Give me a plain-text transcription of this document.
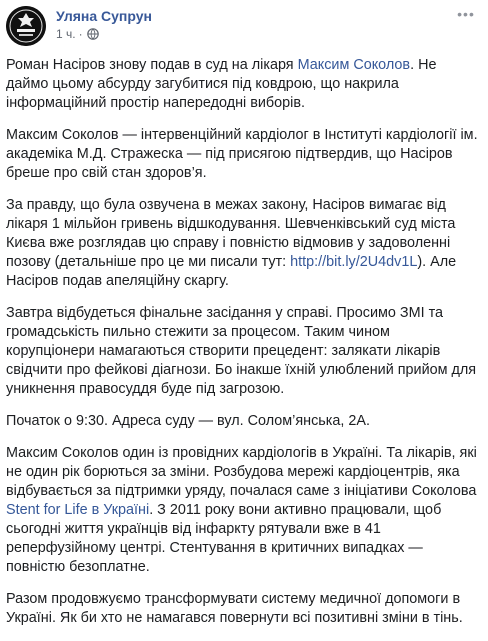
Уляна Супрун
1 ч. ·
•••

Роман Насіров знову подав в суд на лікаря Максим Соколов. Не даймо цьому абсурду загубитися під ковдрою, що накрила інформаційний простір напередодні виборів.

Максим Соколов — інтервенційний кардіолог в Інституті кардіології ім. академіка М.Д. Стражеска — під присягою підтвердив, що Насіров бреше про свій стан здоров’я.

За правду, що була озвучена в межах закону, Насіров вимагає від лікаря 1 мільйон гривень відшкодування. Шевченківський суд міста Києва вже розглядав цю справу і повністю відмовив у задоволенні позову (детальніше про це ми писали тут: http://bit.ly/2U4dv1L). Але Насіров подав апеляційну скаргу.

Завтра відбудеться фінальне засідання у справі. Просимо ЗМІ та громадськість пильно стежити за процесом. Таким чином корупціонери намагаються створити прецедент: залякати лікарів свідчити про фейкові діагнози. Бо інакше їхній улюблений прийом для уникнення правосуддя буде під загрозою.

Початок о 9:30. Адреса суду — вул. Солом’янська, 2А.

Максим Соколов один із провідних кардіологів в Україні. Та лікарів, які не один рік борються за зміни. Розбудова мережі кардіоцентрів, яка відбувається за підтримки уряду, почалася саме з ініціативи Соколова Stent for Life в Україні. З 2011 року вони активно працювали, щоб сьогодні життя українців від інфаркту рятували вже в 41 реперфузійному центрі. Стентування в критичних випадках — повністю безоплатне.

Разом продовжуємо трансформувати систему медичної допомоги в Україні. Як би хто не намагався повернути всі позитивні зміни в тінь.
